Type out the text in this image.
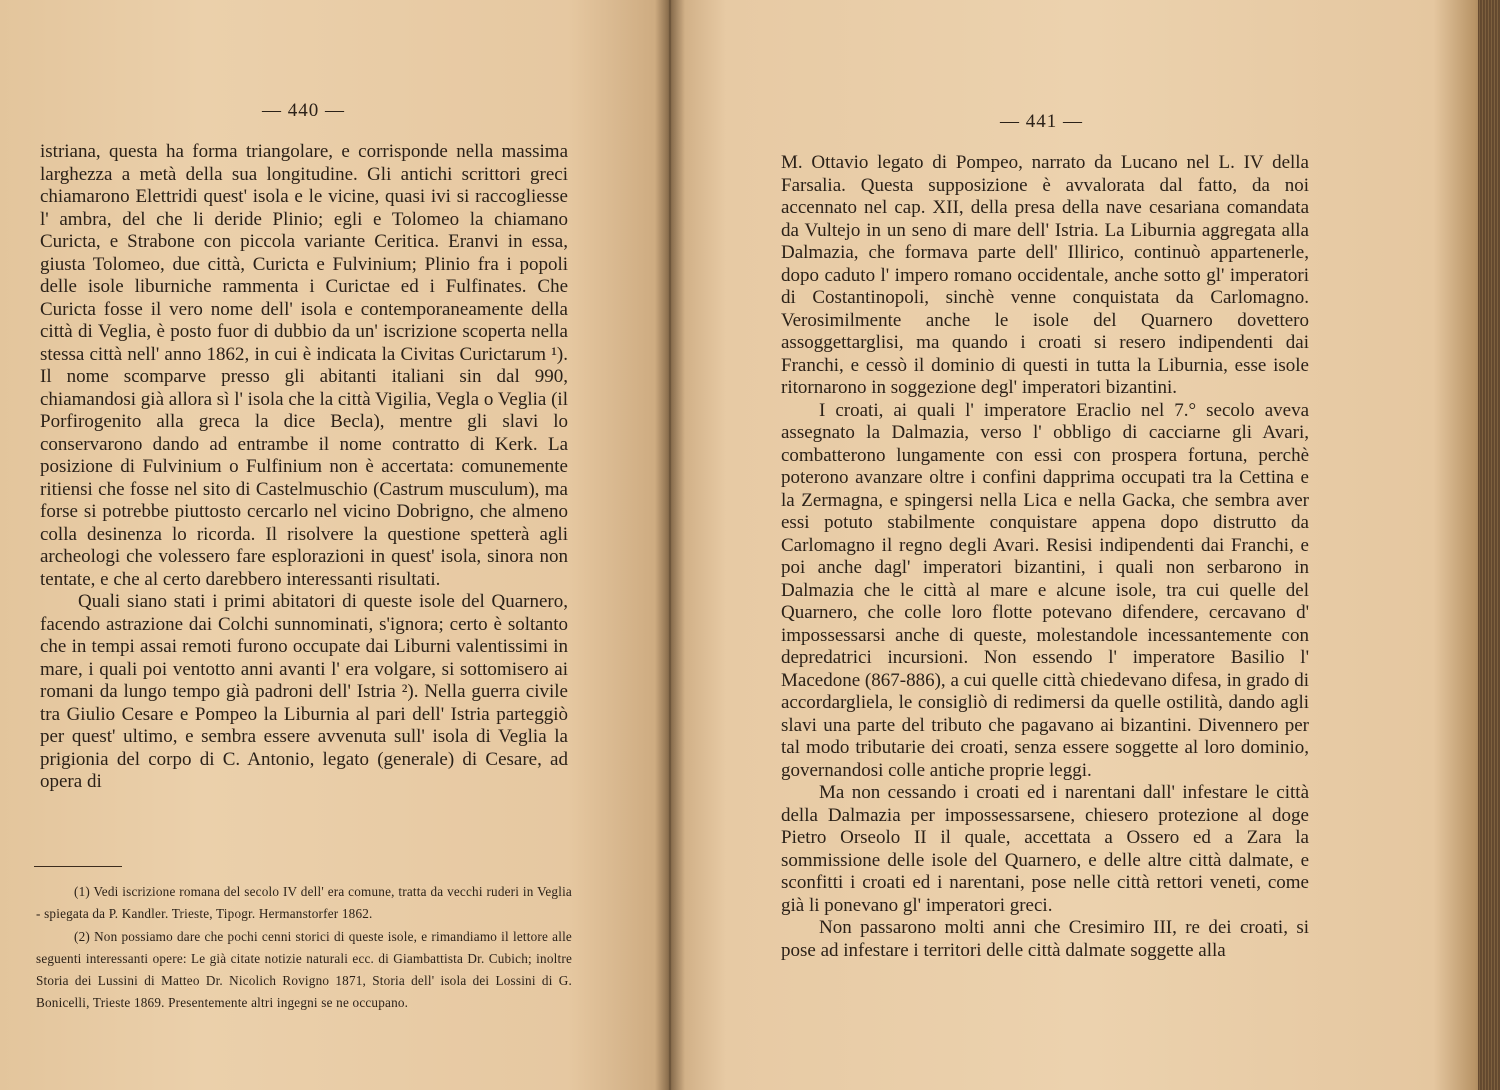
— 440 —

istriana, questa ha forma triangolare, e corrisponde nella massima larghezza a metà della sua longitudine. Gli antichi scrittori greci chiamarono Elettridi quest' isola e le vicine, quasi ivi si raccogliesse l' ambra, del che li deride Plinio; egli e Tolomeo la chiamano Curicta, e Strabone con piccola variante Ceritica. Eranvi in essa, giusta Tolomeo, due città, Curicta e Fulvinium; Plinio fra i popoli delle isole liburniche rammenta i Curictae ed i Fulfinates. Che Curicta fosse il vero nome dell' isola e contemporaneamente della città di Veglia, è posto fuor di dubbio da un' iscrizione scoperta nella stessa città nell' anno 1862, in cui è indicata la Civitas Curictarum ¹). Il nome scomparve presso gli abitanti italiani sin dal 990, chiamandosi già allora sì l' isola che la città Vigilia, Vegla o Veglia (il Porfirogenito alla greca la dice Becla), mentre gli slavi lo conservarono dando ad entrambe il nome contratto di Kerk. La posizione di Fulvinium o Fulfinium non è accertata: comunemente ritiensi che fosse nel sito di Castelmuschio (Castrum musculum), ma forse si potrebbe piuttosto cercarlo nel vicino Dobrigno, che almeno colla desinenza lo ricorda. Il risolvere la questione spetterà agli archeologi che volessero fare esplorazioni in quest' isola, sinora non tentate, e che al certo darebbero interessanti risultati.

Quali siano stati i primi abitatori di queste isole del Quarnero, facendo astrazione dai Colchi sunnominati, s'ignora; certo è soltanto che in tempi assai remoti furono occupate dai Liburni valentissimi in mare, i quali poi ventotto anni avanti l' era volgare, si sottomisero ai romani da lungo tempo già padroni dell' Istria ²). Nella guerra civile tra Giulio Cesare e Pompeo la Liburnia al pari dell' Istria parteggiò per quest' ultimo, e sembra essere avvenuta sull' isola di Veglia la prigionia del corpo di C. Antonio, legato (generale) di Cesare, ad opera di

(1) Vedi iscrizione romana del secolo IV dell' era comune, tratta da vecchi ruderi in Veglia - spiegata da P. Kandler. Trieste, Tipogr. Hermanstorfer 1862.

(2) Non possiamo dare che pochi cenni storici di queste isole, e rimandiamo il lettore alle seguenti interessanti opere: Le già citate notizie naturali ecc. di Giambattista Dr. Cubich; inoltre Storia dei Lussini di Matteo Dr. Nicolich Rovigno 1871, Storia dell' isola dei Lossini di G. Bonicelli, Trieste 1869. Presentemente altri ingegni se ne occupano.

— 441 —

M. Ottavio legato di Pompeo, narrato da Lucano nel L. IV della Farsalia. Questa supposizione è avvalorata dal fatto, da noi accennato nel cap. XII, della presa della nave cesariana comandata da Vultejo in un seno di mare dell' Istria. La Liburnia aggregata alla Dalmazia, che formava parte dell' Illirico, continuò appartenerle, dopo caduto l' impero romano occidentale, anche sotto gl' imperatori di Costantinopoli, sinchè venne conquistata da Carlomagno. Verosimilmente anche le isole del Quarnero dovettero assoggettarglisi, ma quando i croati si resero indipendenti dai Franchi, e cessò il dominio di questi in tutta la Liburnia, esse isole ritornarono in soggezione degl' imperatori bizantini.

I croati, ai quali l' imperatore Eraclio nel 7.° secolo aveva assegnato la Dalmazia, verso l' obbligo di cacciarne gli Avari, combatterono lungamente con essi con prospera fortuna, perchè poterono avanzare oltre i confini dapprima occupati tra la Cettina e la Zermagna, e spingersi nella Lica e nella Gacka, che sembra aver essi potuto stabilmente conquistare appena dopo distrutto da Carlomagno il regno degli Avari. Resisi indipendenti dai Franchi, e poi anche dagl' imperatori bizantini, i quali non serbarono in Dalmazia che le città al mare e alcune isole, tra cui quelle del Quarnero, che colle loro flotte potevano difendere, cercavano d' impossessarsi anche di queste, molestandole incessantemente con depredatrici incursioni. Non essendo l' imperatore Basilio l' Macedone (867-886), a cui quelle città chiedevano difesa, in grado di accordargliela, le consigliò di redimersi da quelle ostilità, dando agli slavi una parte del tributo che pagavano ai bizantini. Divennero per tal modo tributarie dei croati, senza essere soggette al loro dominio, governandosi colle antiche proprie leggi.

Ma non cessando i croati ed i narentani dall' infestare le città della Dalmazia per impossessarsene, chiesero protezione al doge Pietro Orseolo II il quale, accettata a Ossero ed a Zara la sommissione delle isole del Quarnero, e delle altre città dalmate, e sconfitti i croati ed i narentani, pose nelle città rettori veneti, come già li ponevano gl' imperatori greci.

Non passarono molti anni che Cresimiro III, re dei croati, si pose ad infestare i territori delle città dalmate soggette alla
